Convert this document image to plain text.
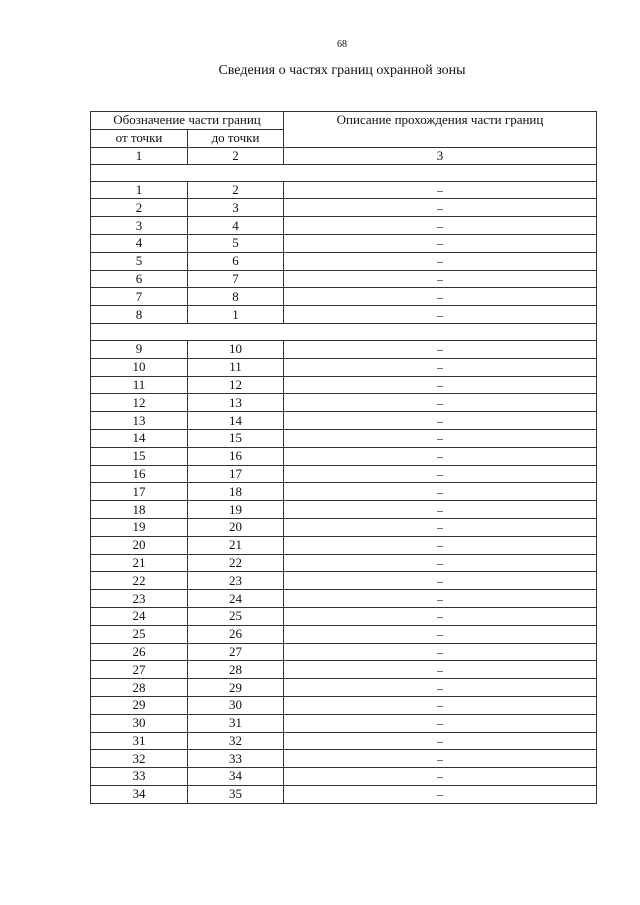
68
Сведения о частях границ охранной зоны
Обозначение части границ		Описание прохождения части границ
от точки	до точки	
1	2	3

1	2	–
2	3	–
3	4	–
4	5	–
5	6	–
6	7	–
7	8	–
8	1	–

9	10	–
10	11	–
11	12	–
12	13	–
13	14	–
14	15	–
15	16	–
16	17	–
17	18	–
18	19	–
19	20	–
20	21	–
21	22	–
22	23	–
23	24	–
24	25	–
25	26	–
26	27	–
27	28	–
28	29	–
29	30	–
30	31	–
31	32	–
32	33	–
33	34	–
34	35	–
